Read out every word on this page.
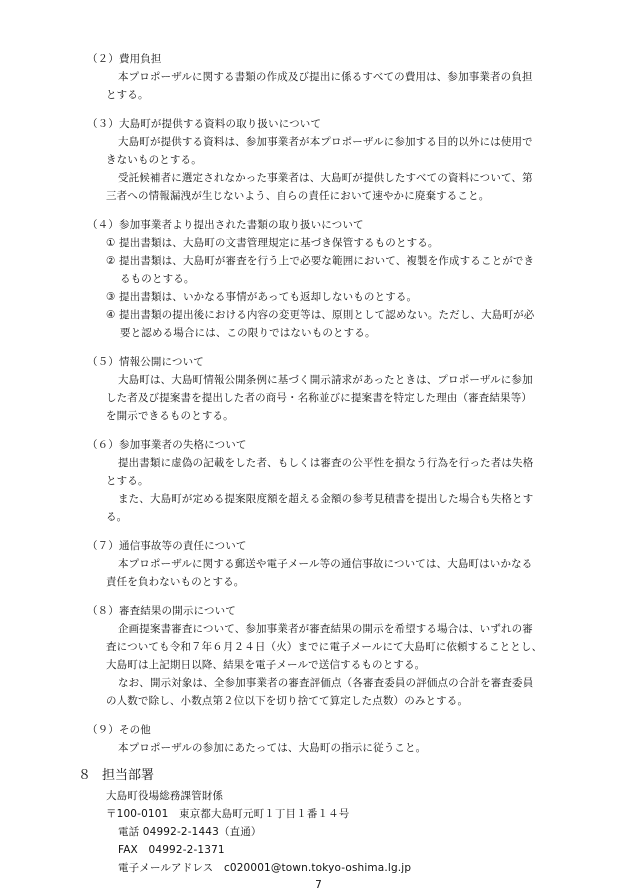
（２）費用負担
本プロポーザルに関する書類の作成及び提出に係るすべての費用は、参加事業者の負担
とする。
（３）大島町が提供する資料の取り扱いについて
大島町が提供する資料は、参加事業者が本プロポーザルに参加する目的以外には使用で
きないものとする。
受託候補者に選定されなかった事業者は、大島町が提供したすべての資料について、第
三者への情報漏洩が生じないよう、自らの責任において速やかに廃棄すること。
（４）参加事業者より提出された書類の取り扱いについて
① 提出書類は、大島町の文書管理規定に基づき保管するものとする。
② 提出書類は、大島町が審査を行う上で必要な範囲において、複製を作成することができ
るものとする。
③ 提出書類は、いかなる事情があっても返却しないものとする。
④ 提出書類の提出後における内容の変更等は、原則として認めない。ただし、大島町が必
要と認める場合には、この限りではないものとする。
（５）情報公開について
大島町は、大島町情報公開条例に基づく開示請求があったときは、プロポーザルに参加
した者及び提案書を提出した者の商号・名称並びに提案書を特定した理由（審査結果等）
を開示できるものとする。
（６）参加事業者の失格について
提出書類に虚偽の記載をした者、もしくは審査の公平性を損なう行為を行った者は失格
とする。
また、大島町が定める提案限度額を超える金額の参考見積書を提出した場合も失格とす
る。
（７）通信事故等の責任について
本プロポーザルに関する郵送や電子メール等の通信事故については、大島町はいかなる
責任を負わないものとする。
（８）審査結果の開示について
企画提案書審査について、参加事業者が審査結果の開示を希望する場合は、いずれの審
査についても令和７年６月２４日（火）までに電子メールにて大島町に依頼することとし、
大島町は上記期日以降、結果を電子メールで送信するものとする。
なお、開示対象は、全参加事業者の審査評価点（各審査委員の評価点の合計を審査委員
の人数で除し、小数点第２位以下を切り捨てて算定した点数）のみとする。
（９）その他
本プロポーザルの参加にあたっては、大島町の指示に従うこと。
８ 担当部署
大島町役場総務課管財係
〒100-0101　東京都大島町元町１丁目１番１４号
電話 04992-2-1443（直通）
FAX　04992-2-1371
電子メールアドレス　c020001@town.tokyo-oshima.lg.jp
7
